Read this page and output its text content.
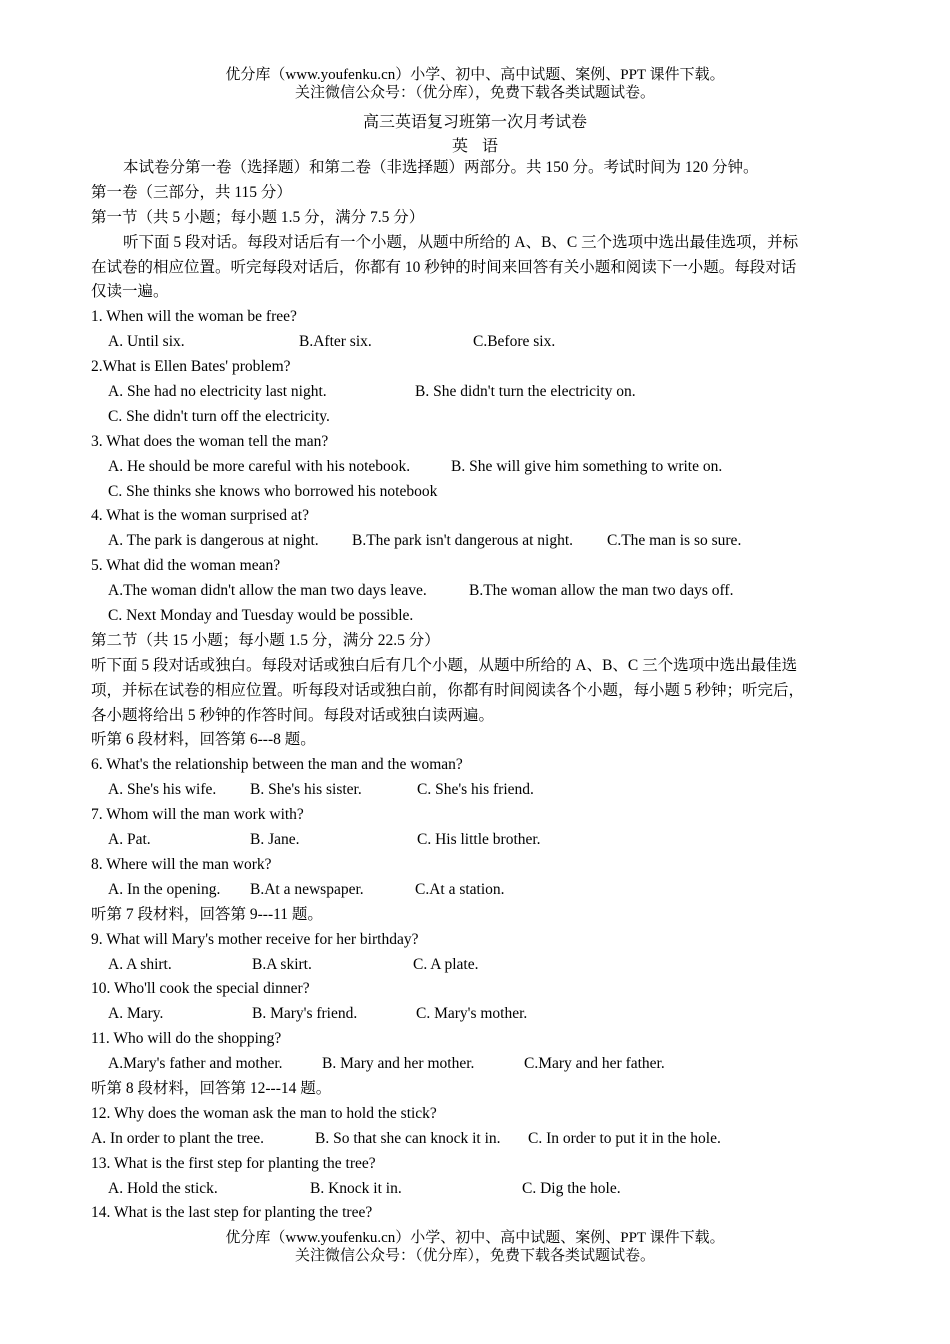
优分库（www.youfenku.cn）小学、初中、高中试题、案例、PPT 课件下载。
关注微信公众号：（优分库），免费下载各类试题试卷。
高三英语复习班第一次月考试卷
英语
本试卷分第一卷（选择题）和第二卷（非选择题）两部分。共 150 分。考试时间为 120 分钟。
第一卷（三部分，共 115 分）
第一节（共 5 小题；每小题 1.5 分，满分 7.5 分）
听下面 5 段对话。每段对话后有一个小题，从题中所给的 A、B、C 三个选项中选出最佳选项，并标
在试卷的相应位置。听完每段对话后，你都有 10 秒钟的时间来回答有关小题和阅读下一小题。每段对话
仅读一遍。
1. When will the woman be free?
A. Until six.	B.After six.	C.Before six.
2.What is Ellen Bates' problem?
A. She had no electricity last night.	B. She didn't turn the electricity on.
C. She didn't turn off the electricity.
3. What does the woman tell the man?
A. He should be more careful with his notebook.	B. She will give him something to write on.
C. She thinks she knows who borrowed his notebook
4. What is the woman surprised at?
A. The park is dangerous at night. B.The park isn't dangerous at night. C.The man is so sure.
5. What did the woman mean?
A.The woman didn't allow the man two days leave.	B.The woman allow the man two days off.
C. Next Monday and Tuesday would be possible.
第二节（共 15 小题；每小题 1.5 分，满分 22.5 分）
听下面 5 段对话或独白。每段对话或独白后有几个小题，从题中所给的 A、B、C 三个选项中选出最佳选
项，并标在试卷的相应位置。听每段对话或独白前，你都有时间阅读各个小题，每小题 5 秒钟；听完后，
各小题将给出 5 秒钟的作答时间。每段对话或独白读两遍。
听第 6 段材料，回答第 6---8 题。
6. What's the relationship between the man and the woman?
A. She's his wife. B. She's his sister.	C. She's his friend.
7. Whom will the man work with?
A. Pat.	B. Jane.	C. His little brother.
8. Where will the man work?
A. In the opening. B.At a newspaper.	C.At a station.
听第 7 段材料，回答第 9---11 题。
9. What will Mary's mother receive for her birthday?
A. A shirt.	B.A skirt.	C. A plate.
10. Who'll cook the special dinner?
A. Mary.	B. Mary's friend.	C. Mary's mother.
11. Who will do the shopping?
A.Mary's father and mother.	B. Mary and her mother.	C.Mary and her father.
听第 8 段材料，回答第 12---14 题。
12. Why does the woman ask the man to hold the stick?
A. In order to plant the tree.	B. So that she can knock it in. C. In order to put it in the hole.
13. What is the first step for planting the tree?
A. Hold the stick.	B. Knock it in.	C. Dig the hole.
14. What is the last step for planting the tree?
优分库（www.youfenku.cn）小学、初中、高中试题、案例、PPT 课件下载。
关注微信公众号：（优分库），免费下载各类试题试卷。
